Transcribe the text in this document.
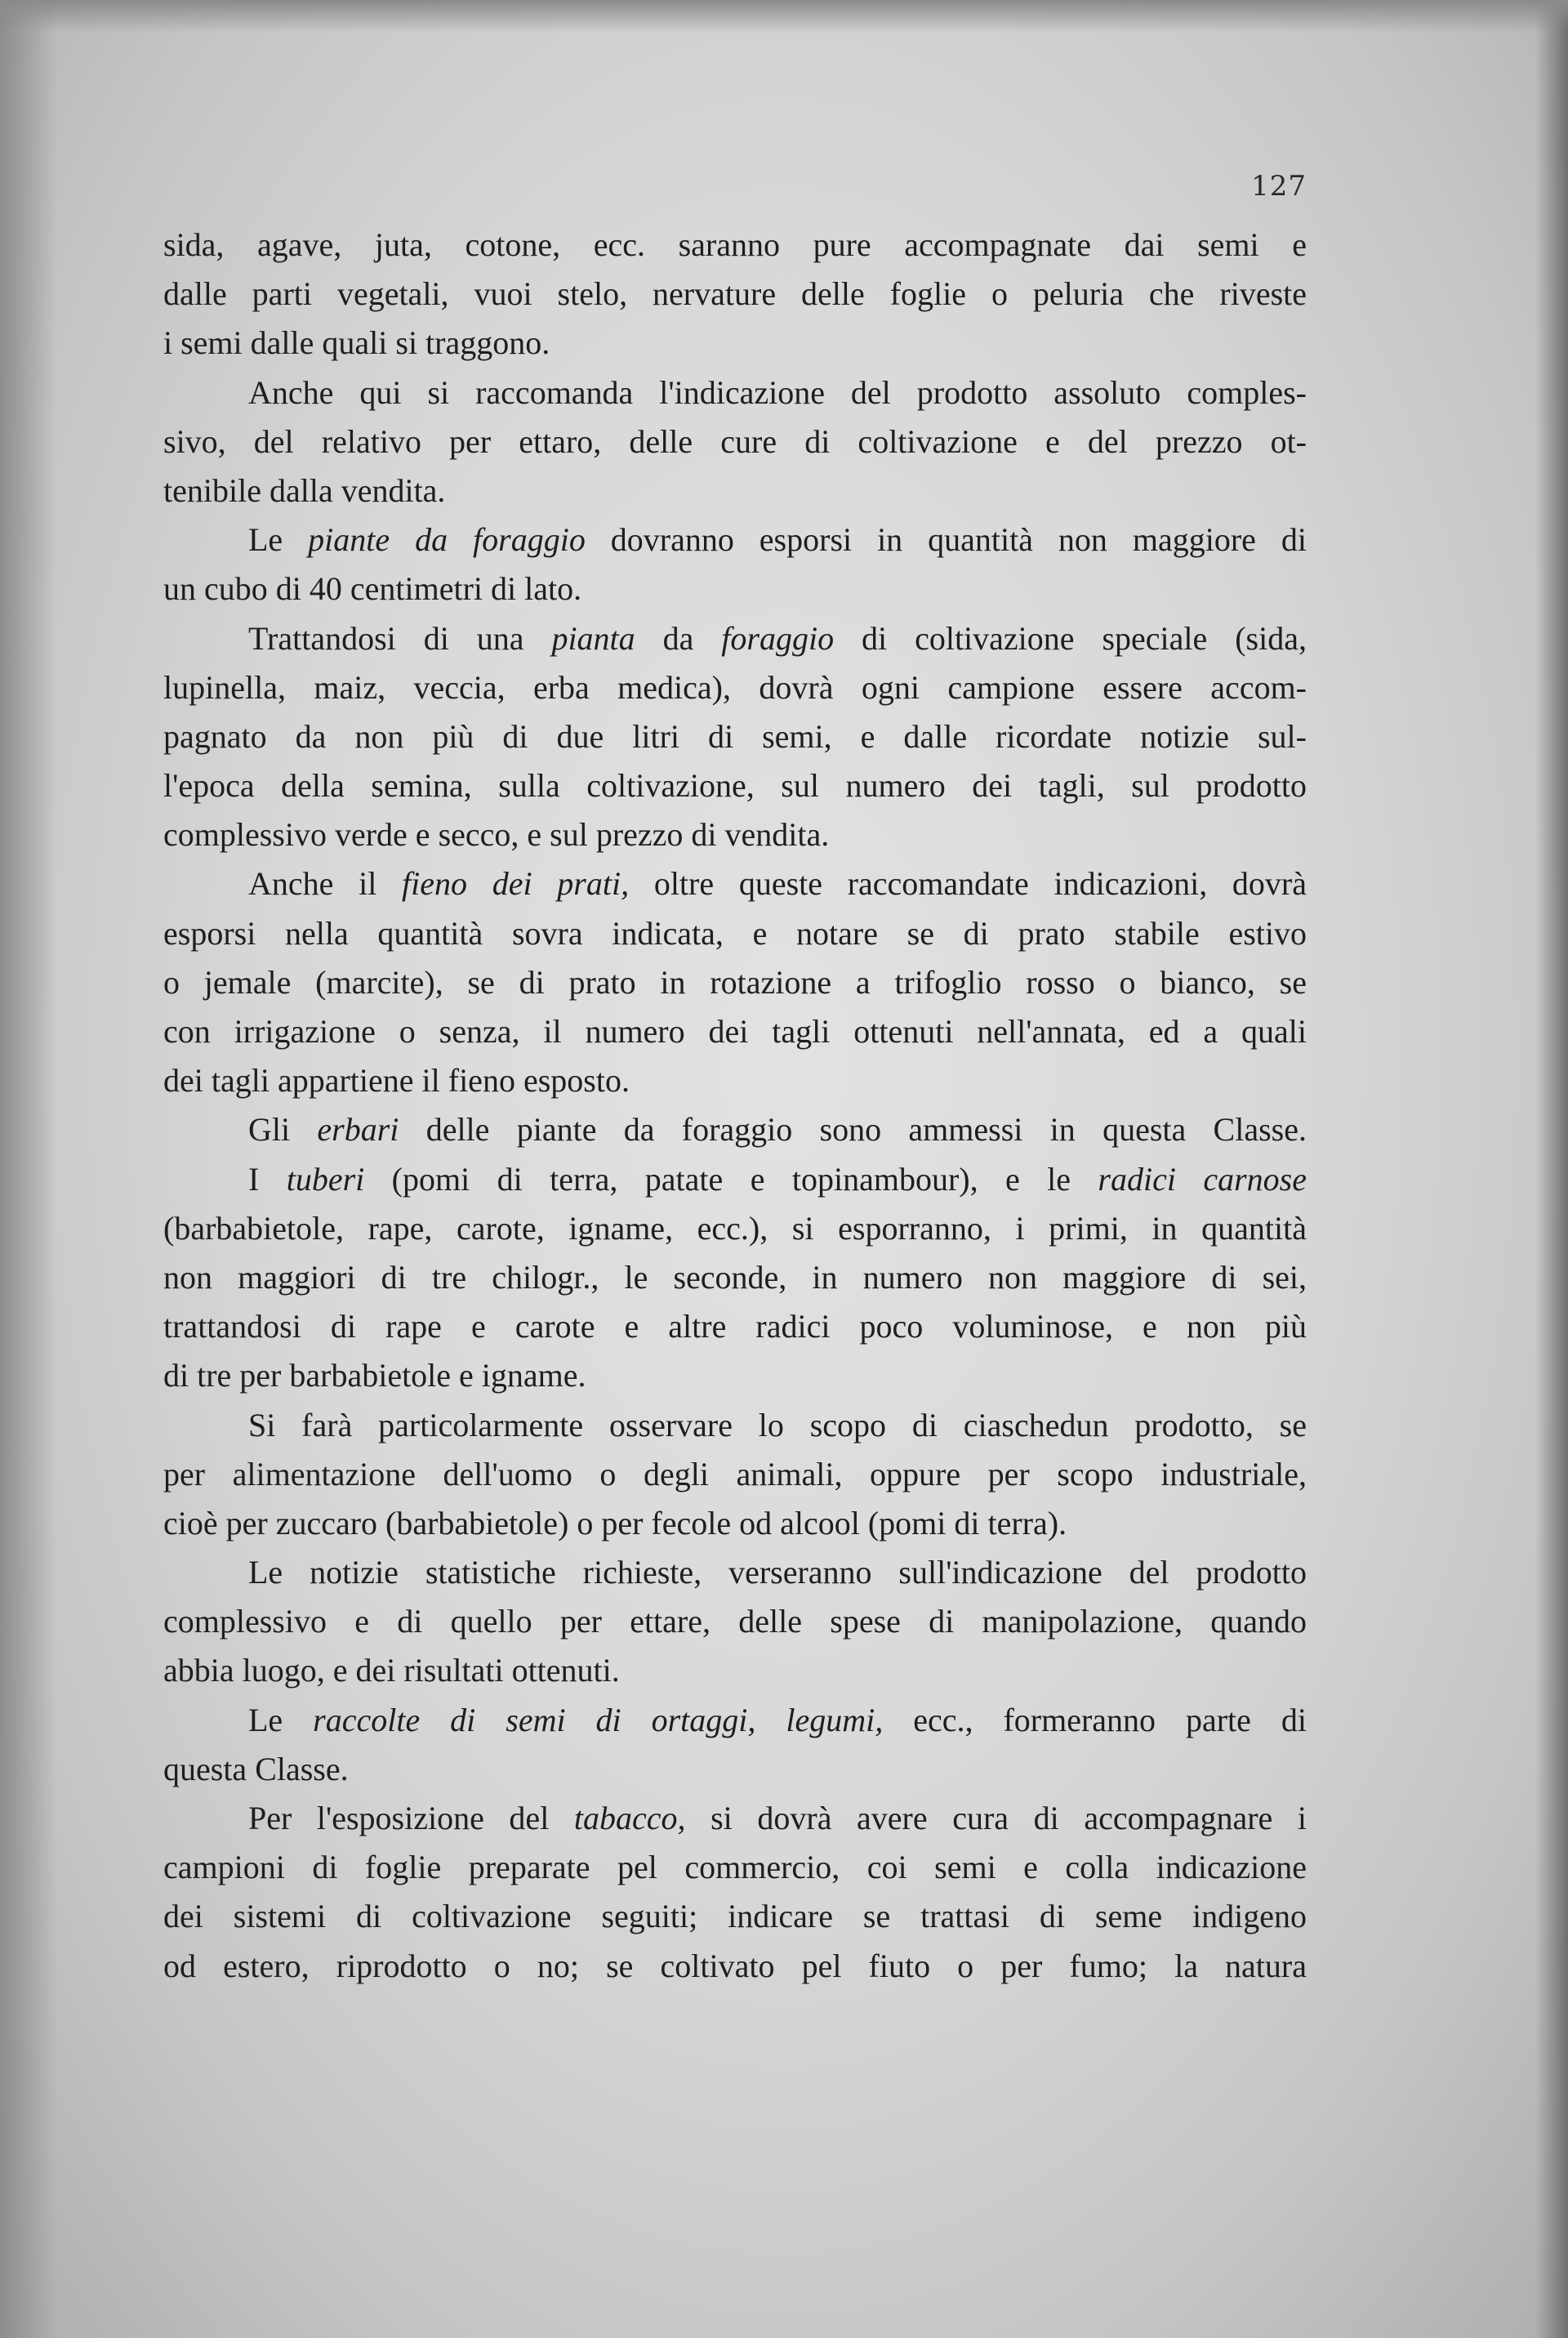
127
sida, agave, juta, cotone, ecc. saranno pure accompagnate dai semi e
dalle parti vegetali, vuoi stelo, nervature delle foglie o peluria che riveste
i semi dalle quali si traggono.
Anche qui si raccomanda l'indicazione del prodotto assoluto comples-
sivo, del relativo per ettaro, delle cure di coltivazione e del prezzo ot-
tenibile dalla vendita.
Le piante da foraggio dovranno esporsi in quantità non maggiore di
un cubo di 40 centimetri di lato.
Trattandosi di una pianta da foraggio di coltivazione speciale (sida,
lupinella, maiz, veccia, erba medica), dovrà ogni campione essere accom-
pagnato da non più di due litri di semi, e dalle ricordate notizie sul-
l'epoca della semina, sulla coltivazione, sul numero dei tagli, sul prodotto
complessivo verde e secco, e sul prezzo di vendita.
Anche il fieno dei prati, oltre queste raccomandate indicazioni, dovrà
esporsi nella quantità sovra indicata, e notare se di prato stabile estivo
o jemale (marcite), se di prato in rotazione a trifoglio rosso o bianco, se
con irrigazione o senza, il numero dei tagli ottenuti nell'annata, ed a quali
dei tagli appartiene il fieno esposto.
Gli erbari delle piante da foraggio sono ammessi in questa Classe.
I tuberi (pomi di terra, patate e topinambour), e le radici carnose
(barbabietole, rape, carote, igname, ecc.), si esporranno, i primi, in quantità
non maggiori di tre chilogr., le seconde, in numero non maggiore di sei,
trattandosi di rape e carote e altre radici poco voluminose, e non più
di tre per barbabietole e igname.
Si farà particolarmente osservare lo scopo di ciaschedun prodotto, se
per alimentazione dell'uomo o degli animali, oppure per scopo industriale,
cioè per zuccaro (barbabietole) o per fecole od alcool (pomi di terra).
Le notizie statistiche richieste, verseranno sull'indicazione del prodotto
complessivo e di quello per ettare, delle spese di manipolazione, quando
abbia luogo, e dei risultati ottenuti.
Le raccolte di semi di ortaggi, legumi, ecc., formeranno parte di
questa Classe.
Per l'esposizione del tabacco, si dovrà avere cura di accompagnare i
campioni di foglie preparate pel commercio, coi semi e colla indicazione
dei sistemi di coltivazione seguiti; indicare se trattasi di seme indigeno
od estero, riprodotto o no; se coltivato pel fiuto o per fumo; la natura
